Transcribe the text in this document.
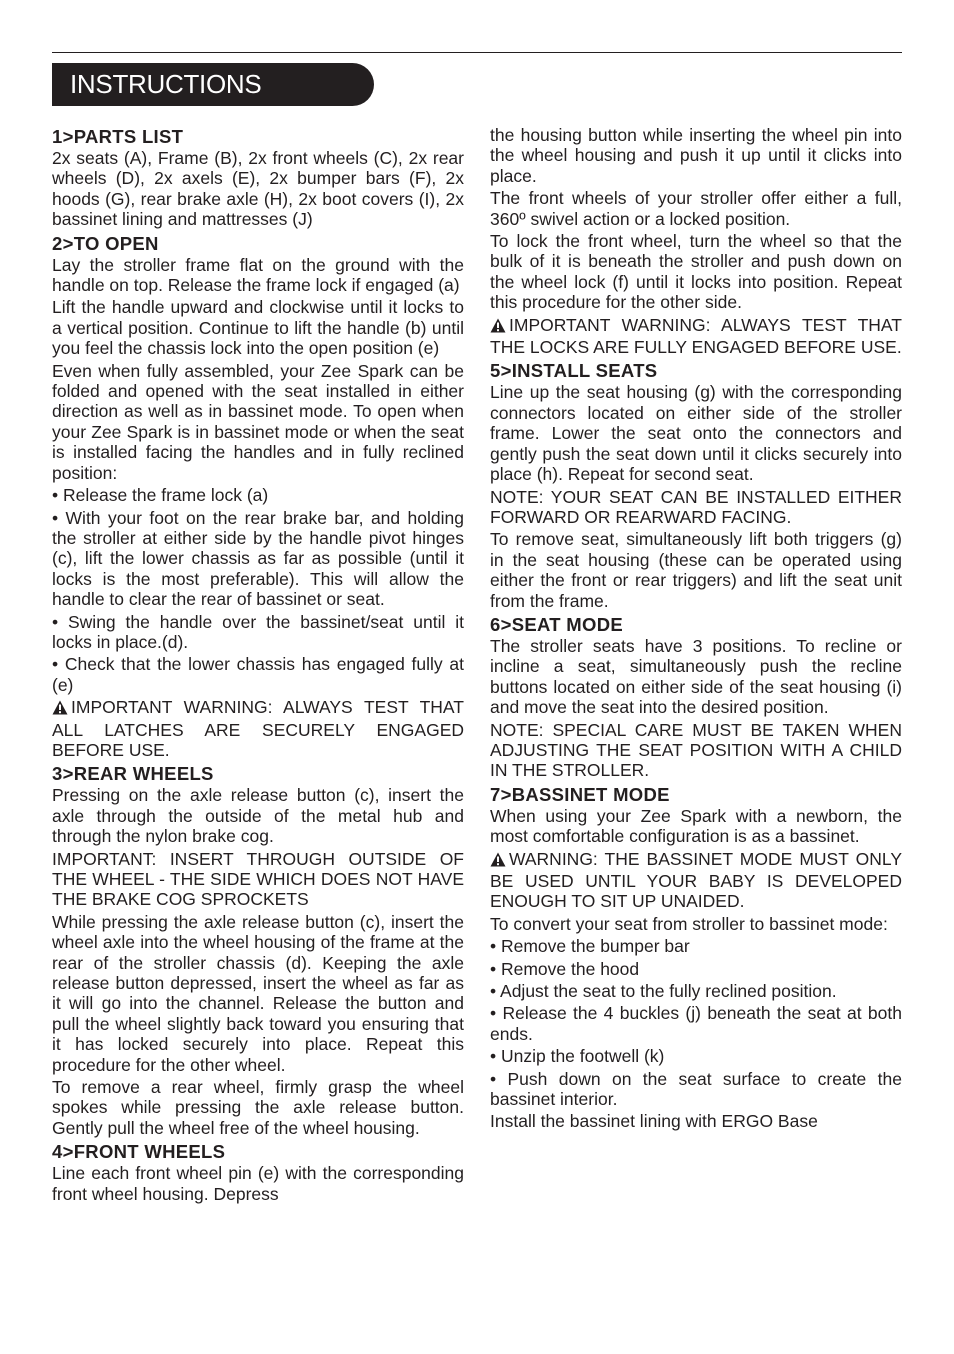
INSTRUCTIONS
1>PARTS LIST

2x seats (A), Frame (B), 2x front wheels (C), 2x rear wheels (D), 2x axels (E), 2x bumper bars (F), 2x hoods (G), rear brake axle (H), 2x boot covers (I), 2x bassinet lining and mattresses (J)

2>TO OPEN

Lay the stroller frame flat on the ground with the handle on top. Release the frame lock if engaged (a)

Lift the handle upward and clockwise until it locks to a vertical position. Continue to lift the handle (b) until you feel the chassis lock into the open position (e)

Even when fully assembled, your Zee Spark can be folded and opened with the seat installed in either direction as well as in bassinet mode. To open when your Zee Spark is in bassinet mode or when the seat is installed facing the handles and in fully reclined position:

• Release the frame lock (a)

• With your foot on the rear brake bar, and holding the stroller at either side by the handle pivot hinges (c), lift the lower chassis as far as possible (until it locks is the most preferable). This will allow the handle to clear the rear of bassinet or seat.

• Swing the handle over the bassinet/seat until it locks in place.(d).

• Check that the lower chassis has engaged fully at (e)

IMPORTANT WARNING: ALWAYS TEST THAT ALL LATCHES ARE SECURELY ENGAGED BEFORE USE.

3>REAR WHEELS

Pressing on the axle release button (c), insert the axle through the outside of the metal hub and through the nylon brake cog.

IMPORTANT: INSERT THROUGH OUTSIDE OF THE WHEEL - THE SIDE WHICH DOES NOT HAVE THE BRAKE COG SPROCKETS

While pressing the axle release button (c), insert the wheel axle into the wheel housing of the frame at the rear of the stroller chassis (d). Keeping the axle release button depressed, insert the wheel as far as it will go into the channel. Release the button and pull the wheel slightly back toward you ensuring that it has locked securely into place. Repeat this procedure for the other wheel.

To remove a rear wheel, firmly grasp the wheel spokes while pressing the axle release button. Gently pull the wheel free of the wheel housing.

4>FRONT WHEELS

Line each front wheel pin (e) with the corresponding front wheel housing. Depress

the housing button while inserting the wheel pin into the wheel housing and push it up until it clicks into place.

The front wheels of your stroller offer either a full, 360º swivel action or a locked position.

To lock the front wheel, turn the wheel so that the bulk of it is beneath the stroller and push down on the wheel lock (f) until it locks into position. Repeat this procedure for the other side.

IMPORTANT WARNING: ALWAYS TEST THAT THE LOCKS ARE FULLY ENGAGED BEFORE USE.

5>INSTALL SEATS

Line up the seat housing (g) with the corresponding connectors located on either side of the stroller frame. Lower the seat onto the connectors and gently push the seat down until it clicks securely into place (h). Repeat for second seat.

NOTE: YOUR SEAT CAN BE INSTALLED EITHER FORWARD OR REARWARD FACING.

To remove seat, simultaneously lift both triggers (g) in the seat housing (these can be operated using either the front or rear triggers) and lift the seat unit from the frame.

6>SEAT MODE

The stroller seats have 3 positions. To recline or incline a seat, simultaneously push the recline buttons located on either side of the seat housing (i) and move the seat into the desired position.

NOTE: SPECIAL CARE MUST BE TAKEN WHEN ADJUSTING THE SEAT POSITION WITH A CHILD IN THE STROLLER.

7>BASSINET MODE

When using your Zee Spark with a newborn, the most comfortable configuration is as a bassinet.

WARNING: THE BASSINET MODE MUST ONLY BE USED UNTIL YOUR BABY IS DEVELOPED ENOUGH TO SIT UP UNAIDED.

To convert your seat from stroller to bassinet mode:

• Remove the bumper bar

• Remove the hood

• Adjust the seat to the fully reclined position.

• Release the 4 buckles (j) beneath the seat at both ends.

• Unzip the footwell (k)

• Push down on the seat surface to create the bassinet interior.

Install the bassinet lining with ERGO Base
